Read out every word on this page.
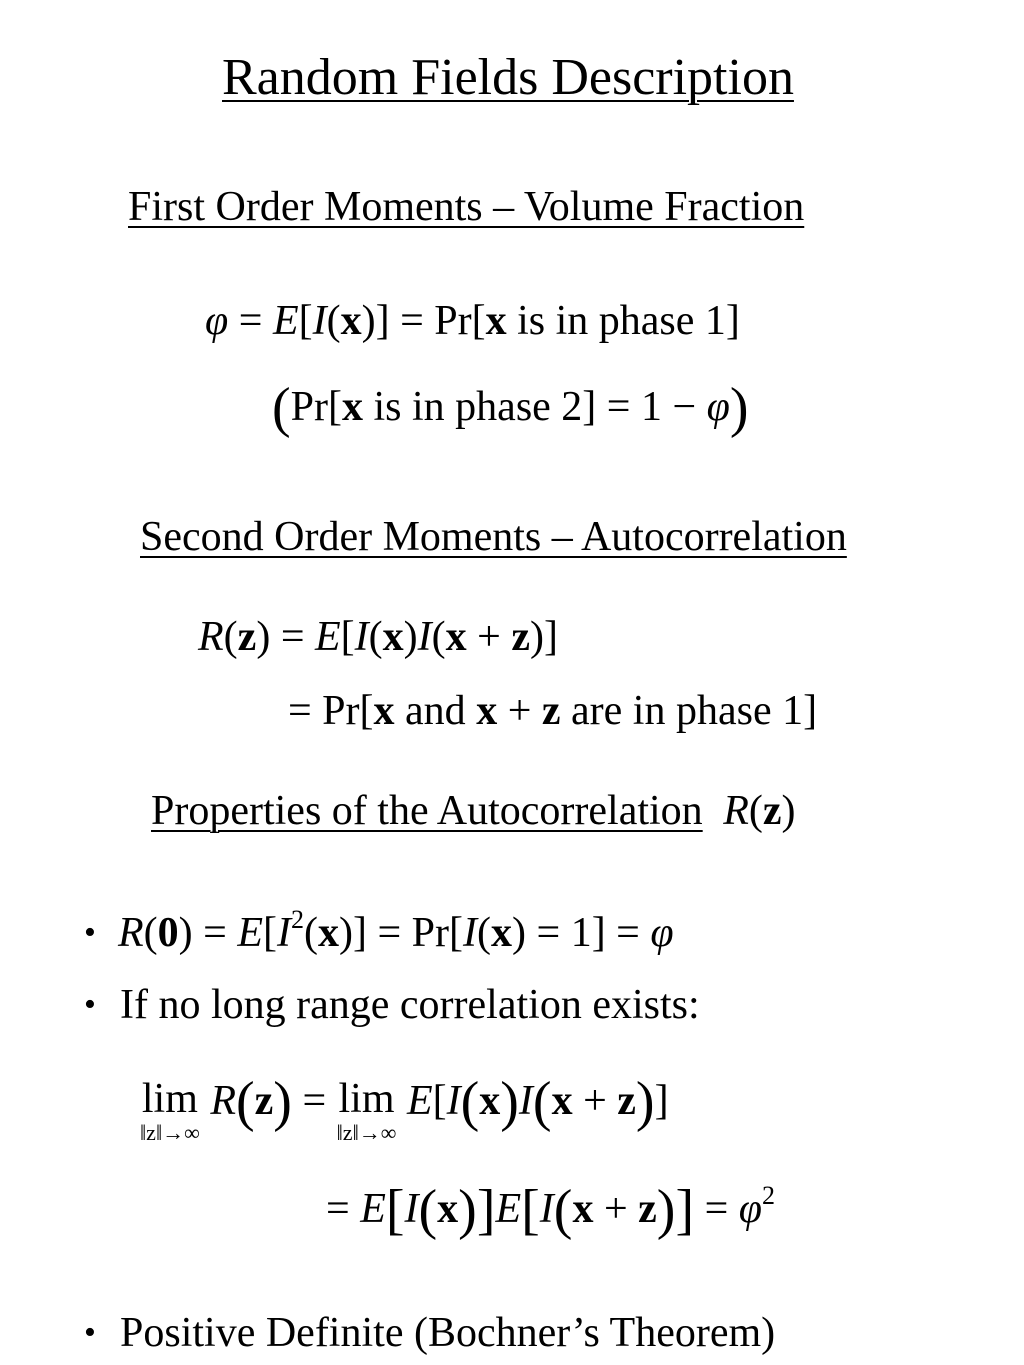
Random Fields Description
First Order Moments – Volume Fraction
φ = E[I(x)] = Pr[x is in phase 1]
(Pr[x is in phase 2] = 1 − φ)
Second Order Moments – Autocorrelation
R(z) = E[I(x)I(x + z)]
= Pr[x and x + z are in phase 1]
Properties of the Autocorrelation R(z)
• $R(0) = E[I^2(x)] = Pr[I(x) = 1] = \varphi$
• If no long range correlation exists:
lim
‖z‖→∞
R(z) = lim
‖z‖→∞
E[I(x)I(x + z)]
= $E[I(x)]E[I(x + z)] = \varphi^2$
• Positive Definite (Bochner’s Theorem)
